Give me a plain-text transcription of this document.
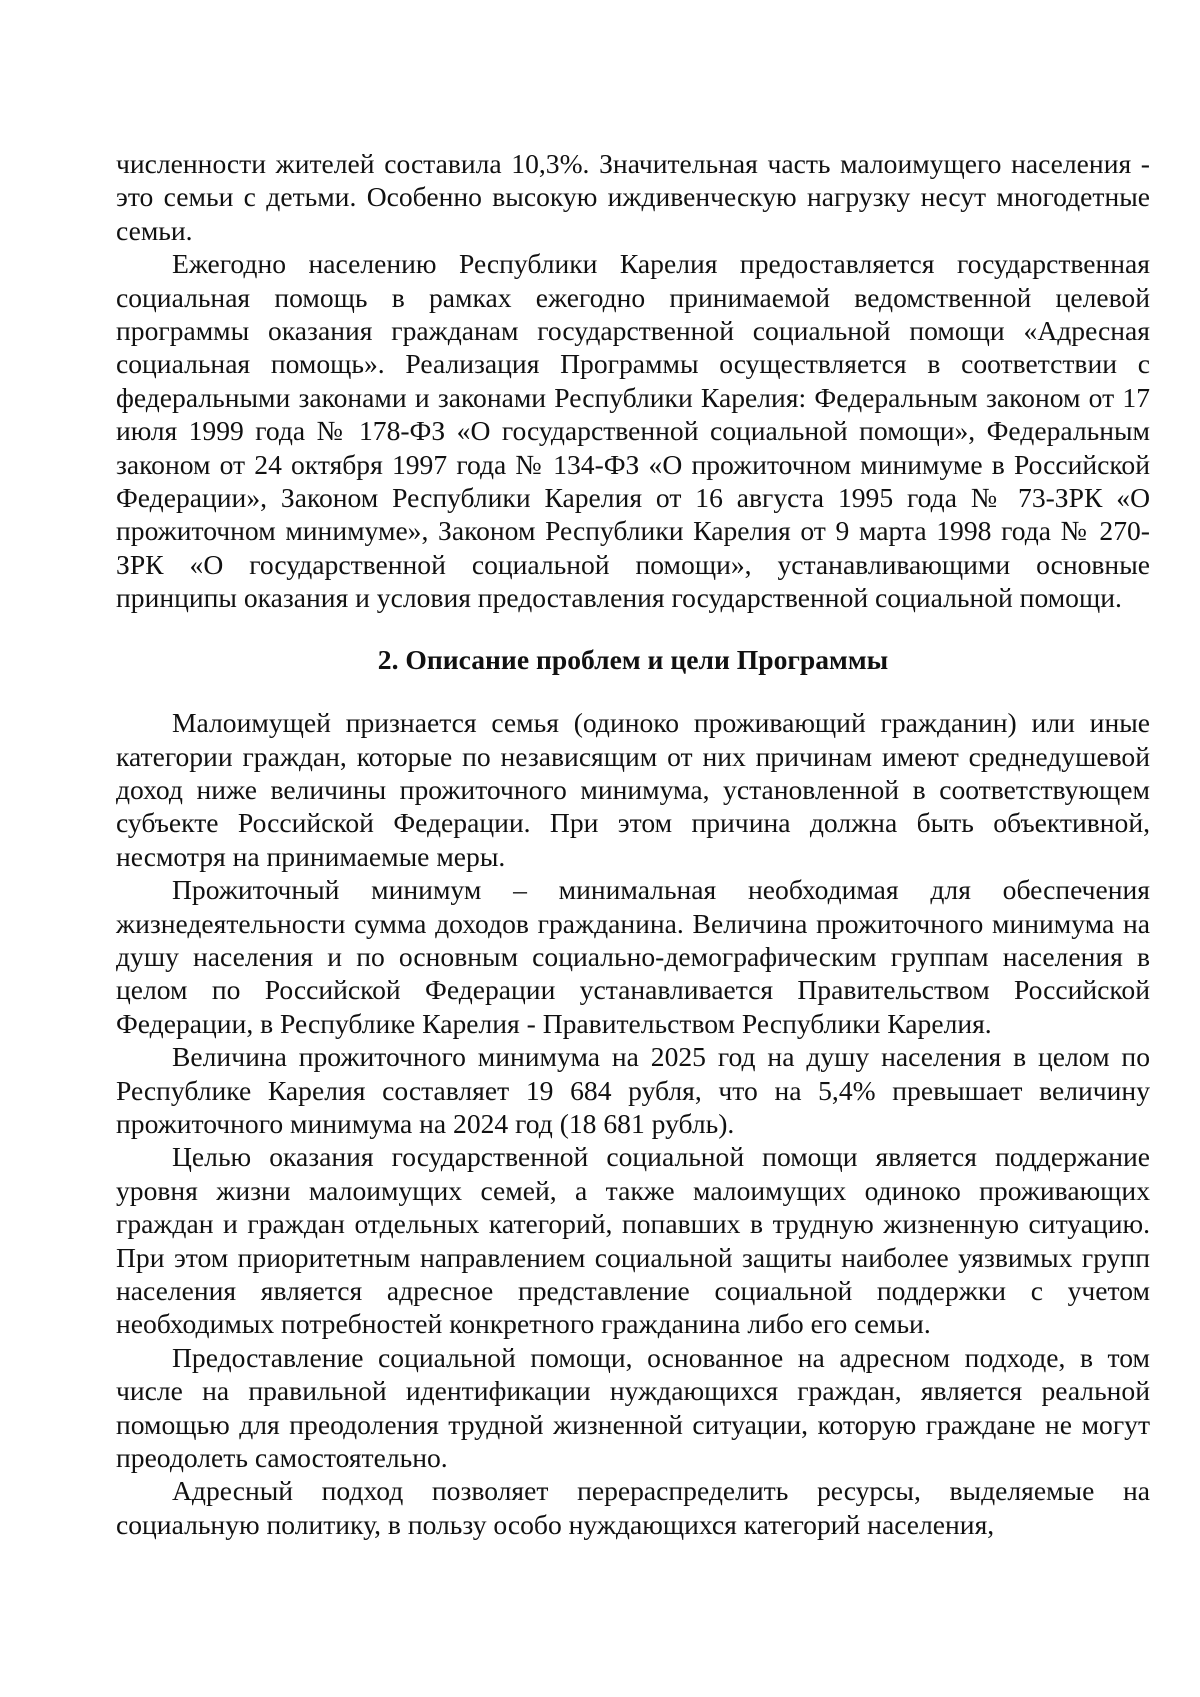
численности жителей составила 10,3%. Значительная часть малоимущего населения - это семьи с детьми. Особенно высокую иждивенческую нагрузку несут многодетные семьи.

Ежегодно населению Республики Карелия предоставляется государственная социальная помощь в рамках ежегодно принимаемой ведомственной целевой программы оказания гражданам государственной социальной помощи «Адресная социальная помощь». Реализация Программы осуществляется в соответствии с федеральными законами и законами Республики Карелия: Федеральным законом от 17 июля 1999 года № 178-ФЗ «О государственной социальной помощи», Федеральным законом от 24 октября 1997 года № 134-ФЗ «О прожиточном минимуме в Российской Федерации», Законом Республики Карелия от 16 августа 1995 года № 73-ЗРК «О прожиточном минимуме», Законом Республики Карелия от 9 марта 1998 года № 270-ЗРК «О государственной социальной помощи», устанавливающими основные принципы оказания и условия предоставления государственной социальной помощи.

2. Описание проблем и цели Программы

Малоимущей признается семья (одиноко проживающий гражданин) или иные категории граждан, которые по независящим от них причинам имеют среднедушевой доход ниже величины прожиточного минимума, установленной в соответствующем субъекте Российской Федерации. При этом причина должна быть объективной, несмотря на принимаемые меры.

Прожиточный минимум – минимальная необходимая для обеспечения жизнедеятельности сумма доходов гражданина. Величина прожиточного минимума на душу населения и по основным социально-демографическим группам населения в целом по Российской Федерации устанавливается Правительством Российской Федерации, в Республике Карелия - Правительством Республики Карелия.

Величина прожиточного минимума на 2025 год на душу населения в целом по Республике Карелия составляет 19 684 рубля, что на 5,4% превышает величину прожиточного минимума на 2024 год (18 681 рубль).

Целью оказания государственной социальной помощи является поддержание уровня жизни малоимущих семей, а также малоимущих одиноко проживающих граждан и граждан отдельных категорий, попавших в трудную жизненную ситуацию. При этом приоритетным направлением социальной защиты наиболее уязвимых групп населения является адресное представление социальной поддержки с учетом необходимых потребностей конкретного гражданина либо его семьи.

Предоставление социальной помощи, основанное на адресном подходе, в том числе на правильной идентификации нуждающихся граждан, является реальной помощью для преодоления трудной жизненной ситуации, которую граждане не могут преодолеть самостоятельно.

Адресный подход позволяет перераспределить ресурсы, выделяемые на социальную политику, в пользу особо нуждающихся категорий населения,
